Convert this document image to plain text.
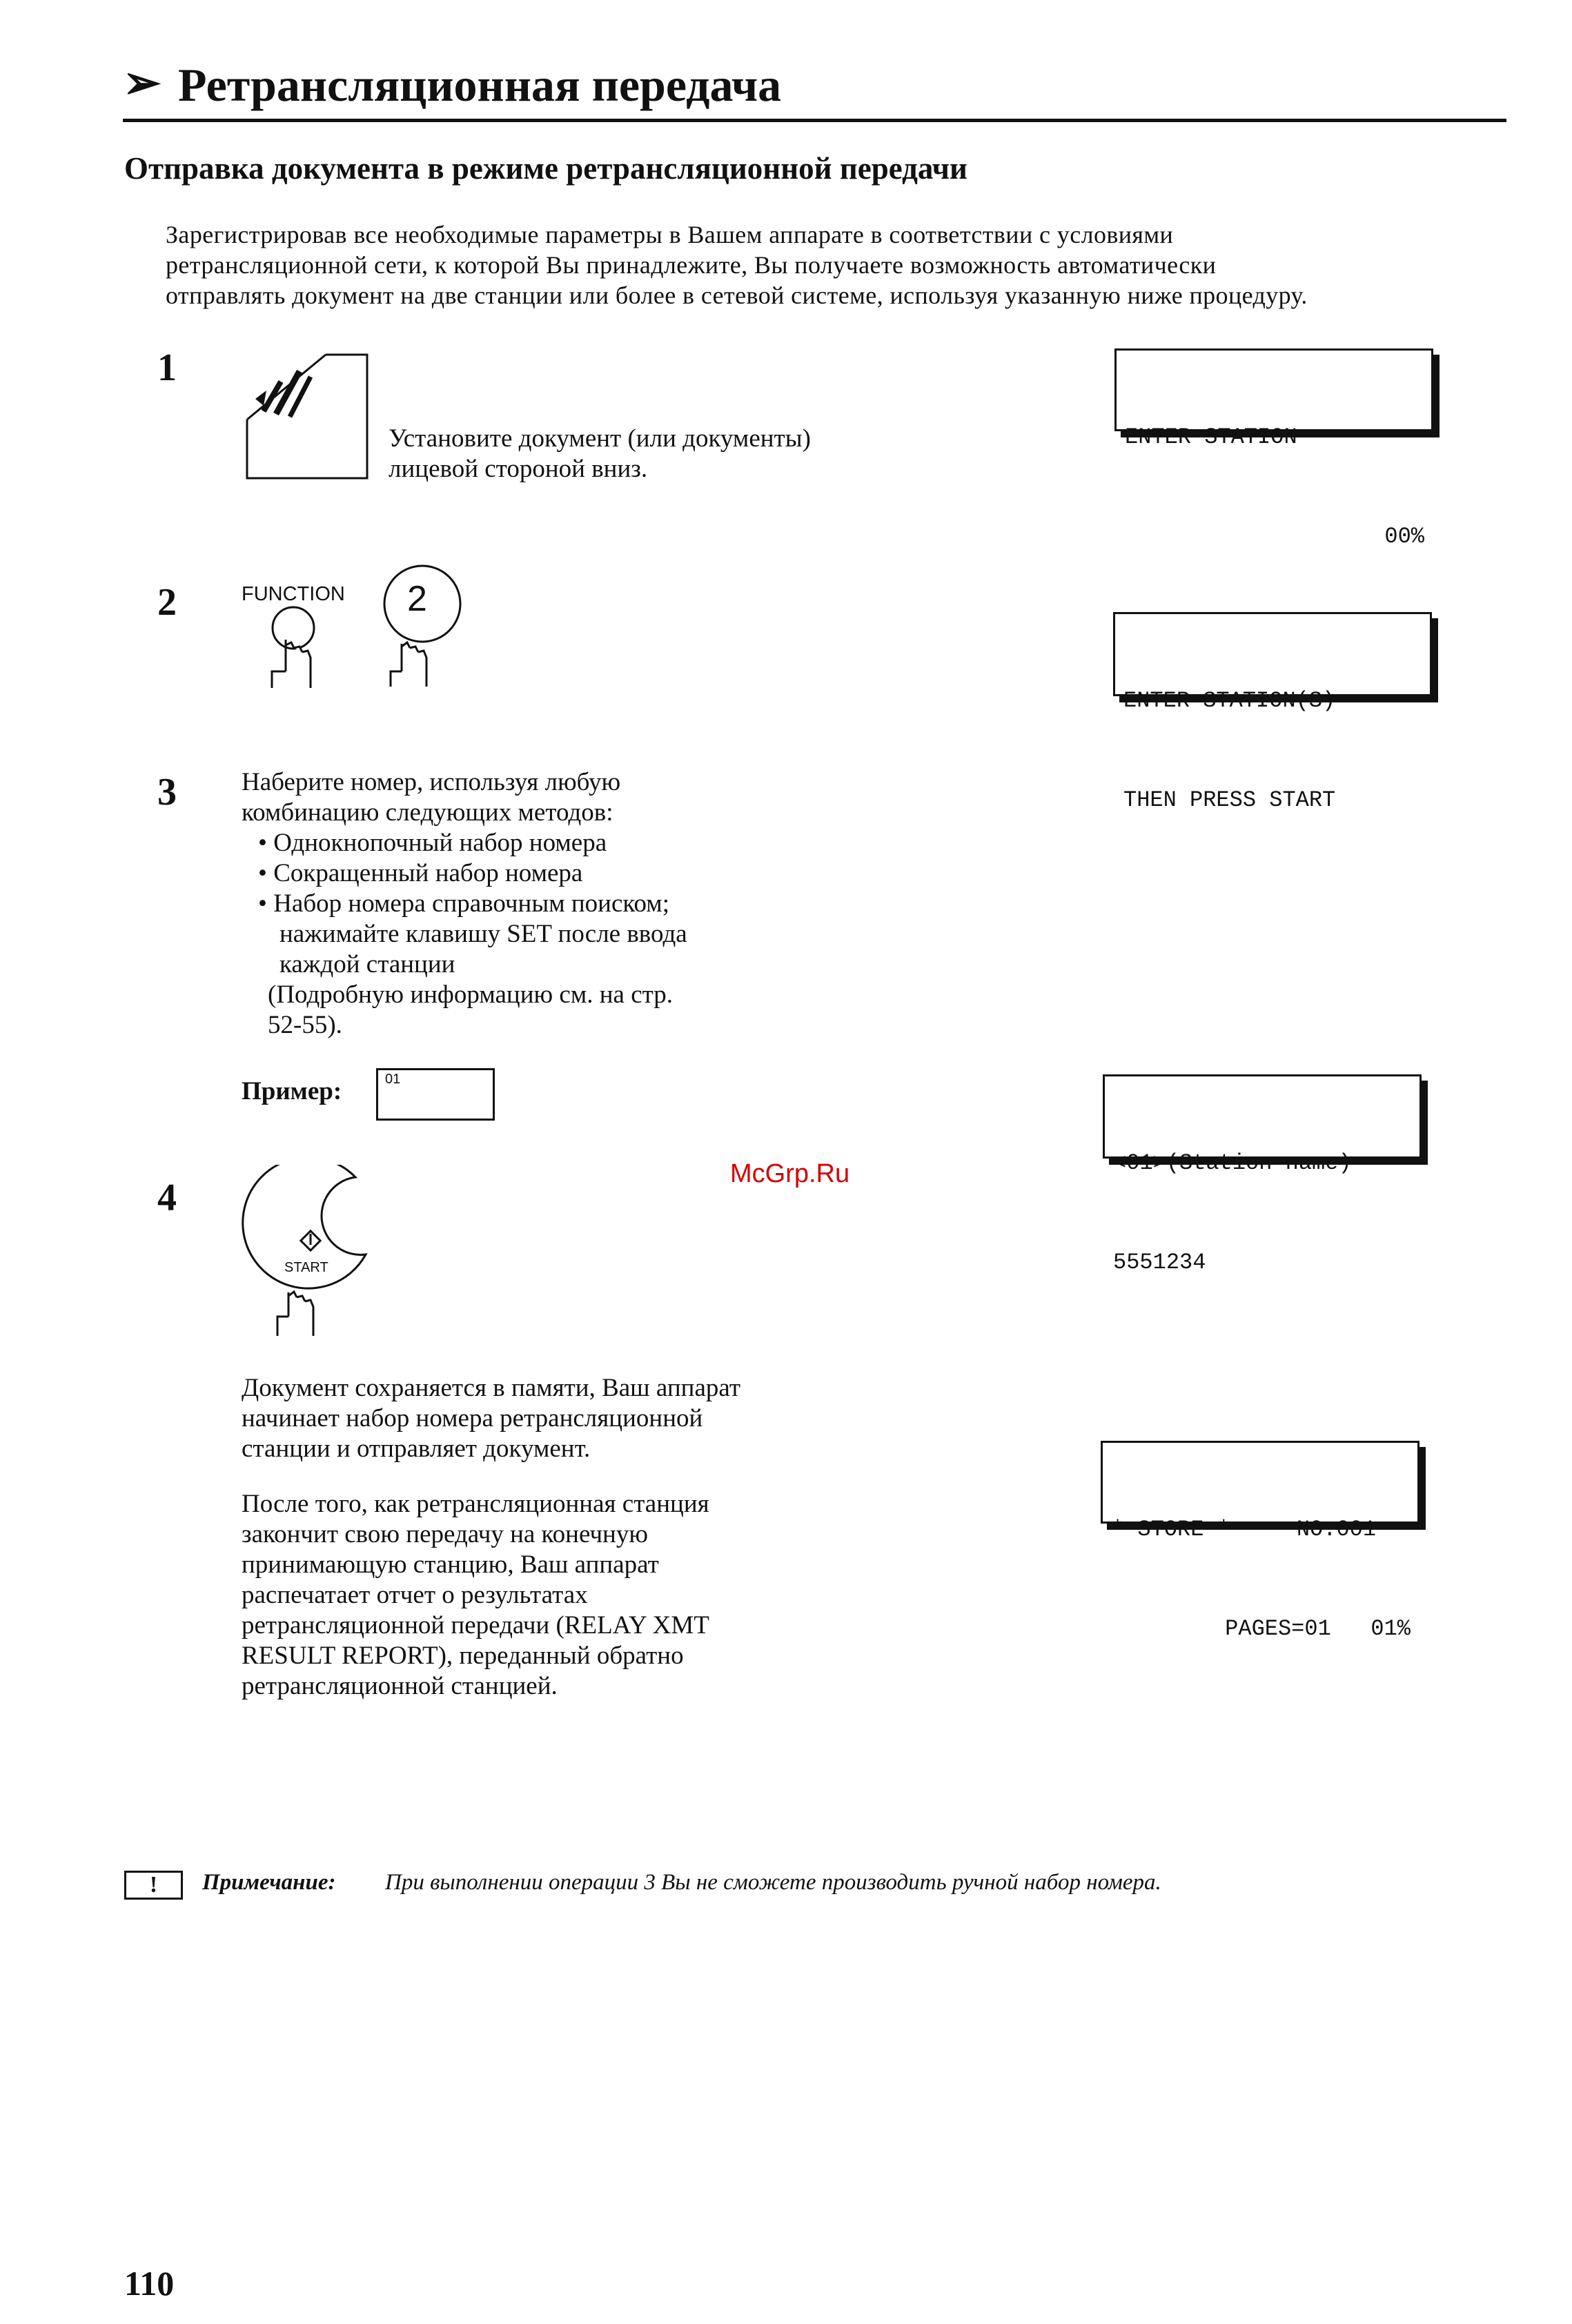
➢ Ретрансляционная передача
Отправка документа в режиме ретрансляционной передачи
Зарегистрировав все необходимые параметры в Вашем аппарате в соответствии с условиями
ретрансляционной сети, к которой Вы принадлежите, Вы получаете возможность автоматически
отправлять документ на две станции или более в сетевой системе, используя указанную ниже процедуру.
1
Установите документ (или документы)
лицевой стороной вниз.

ENTER STATION

00%

2	FUNCTION 2

ENTER STATION(S)

THEN PRESS START

3	Наберите номер, используя любую
комбинацию следующих методов:
• Однокнопочный набор номера
• Сокращенный набор номера
• Набор номера справочным поиском;
нажимайте клавишу SET после ввода
каждой станции
(Подробную информацию см. на стр.
52-55).
Пример:	01

<01>(Station name)

5551234

McGrp.Ru
4
START
Документ сохраняется в памяти, Ваш аппарат
начинает набор номера ретрансляционной
станции и отправляет документ.
После того, как ретрансляционная станция
закончит свою передачу на конечную
принимающую станцию, Ваш аппарат
распечатает отчет о результатах
ретрансляционной передачи (RELAY XMT
RESULT REPORT), переданный обратно
ретрансляционной станцией.

* STORE *     NO.001

PAGES=01   01%

!	Примечание: При выполнении операции 3 Вы не сможете производить ручной набор номера.
110
